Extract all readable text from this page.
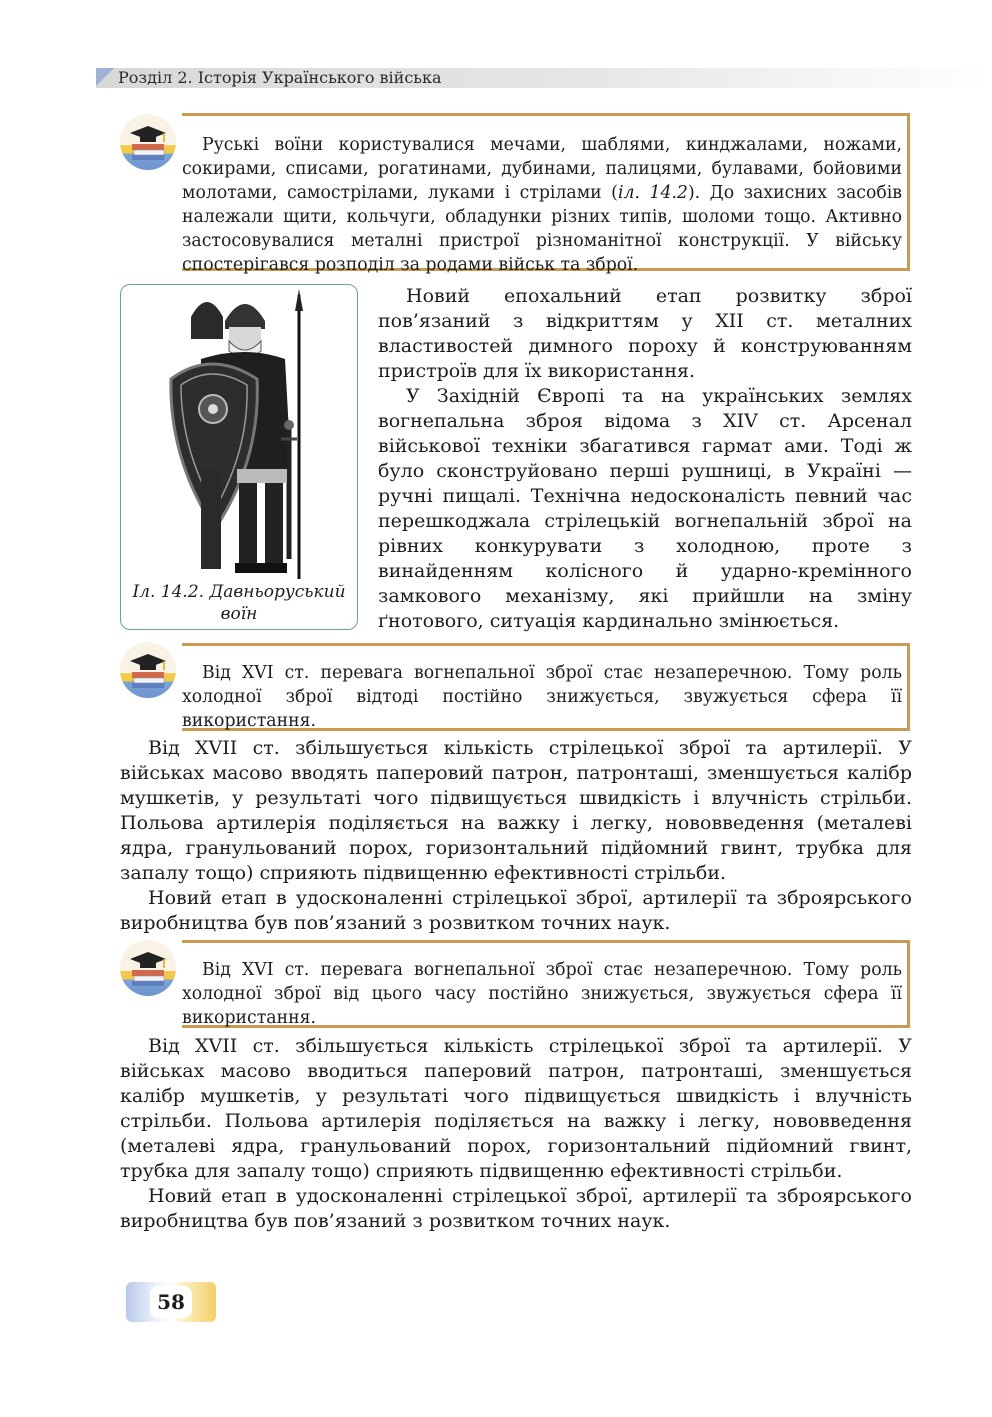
Розділ 2. Історія Українського війська
Руські воїни користувалися мечами, шаблями, кинджалами, ножами, сокирами, списами, рогатинами, дубинами, палицями, булавами, бойовими молотами, самострілами, луками і стрілами (іл. 14.2). До захисних засобів належали щити, кольчуги, обладунки різних типів, шоломи тощо. Активно застосовувалися металні пристрої різноманітної конструкції. У війську спостерігався розподіл за родами військ та зброї.
Іл. 14.2. Давньоруський воїн
Новий епохальний етап розвитку зброї пов’язаний з відкриттям у XII ст. металних властивостей димного пороху й конструюванням пристроїв для їх використання.
У Західній Європі та на українських землях вогнепальна зброя відома з XIV ст. Арсенал військової техніки збагатився гармат ами. Тоді ж було сконструйовано перші рушниці, в Україні — ручні пищалі. Технічна недосконалість певний час перешкоджала стрілецькій вогнепальній зброї на рівних конкурувати з холодною, проте з винайденням колісного й ударно-кремінного замкового механізму, які прийшли на зміну ґнотового, ситуація кардинально змінюється.
Від XVI ст. перевага вогнепальної зброї стає незаперечною. Тому роль холодної зброї відтоді постійно знижується, звужується сфера її використання.
Від XVII ст. збільшується кількість стрілецької зброї та артилерії. У військах масово вводять паперовий патрон, патронташі, зменшується калібр мушкетів, у результаті чого підвищується швидкість і влучність стрільби. Польова артилерія поділяється на важку і легку, нововведення (металеві ядра, гранульований порох, горизонтальний підйомний гвинт, трубка для запалу тощо) сприяють підвищенню ефективності стрільби.
Новий етап в удосконаленні стрілецької зброї, артилерії та зброярського виробництва був пов’язаний з розвитком точних наук.
Від XVI ст. перевага вогнепальної зброї стає незаперечною. Тому роль холодної зброї від цього часу постійно знижується, звужується сфера її використання.
Від XVII ст. збільшується кількість стрілецької зброї та артилерії. У військах масово вводиться паперовий патрон, патронташі, зменшується калібр мушкетів, у результаті чого підвищується швидкість і влучність стрільби. Польова артилерія поділяється на важку і легку, нововведення (металеві ядра, гранульований порох, горизонтальний підйомний гвинт, трубка для запалу тощо) сприяють підвищенню ефективності стрільби.
Новий етап в удосконаленні стрілецької зброї, артилерії та зброярського виробництва був пов’язаний з розвитком точних наук.
58
